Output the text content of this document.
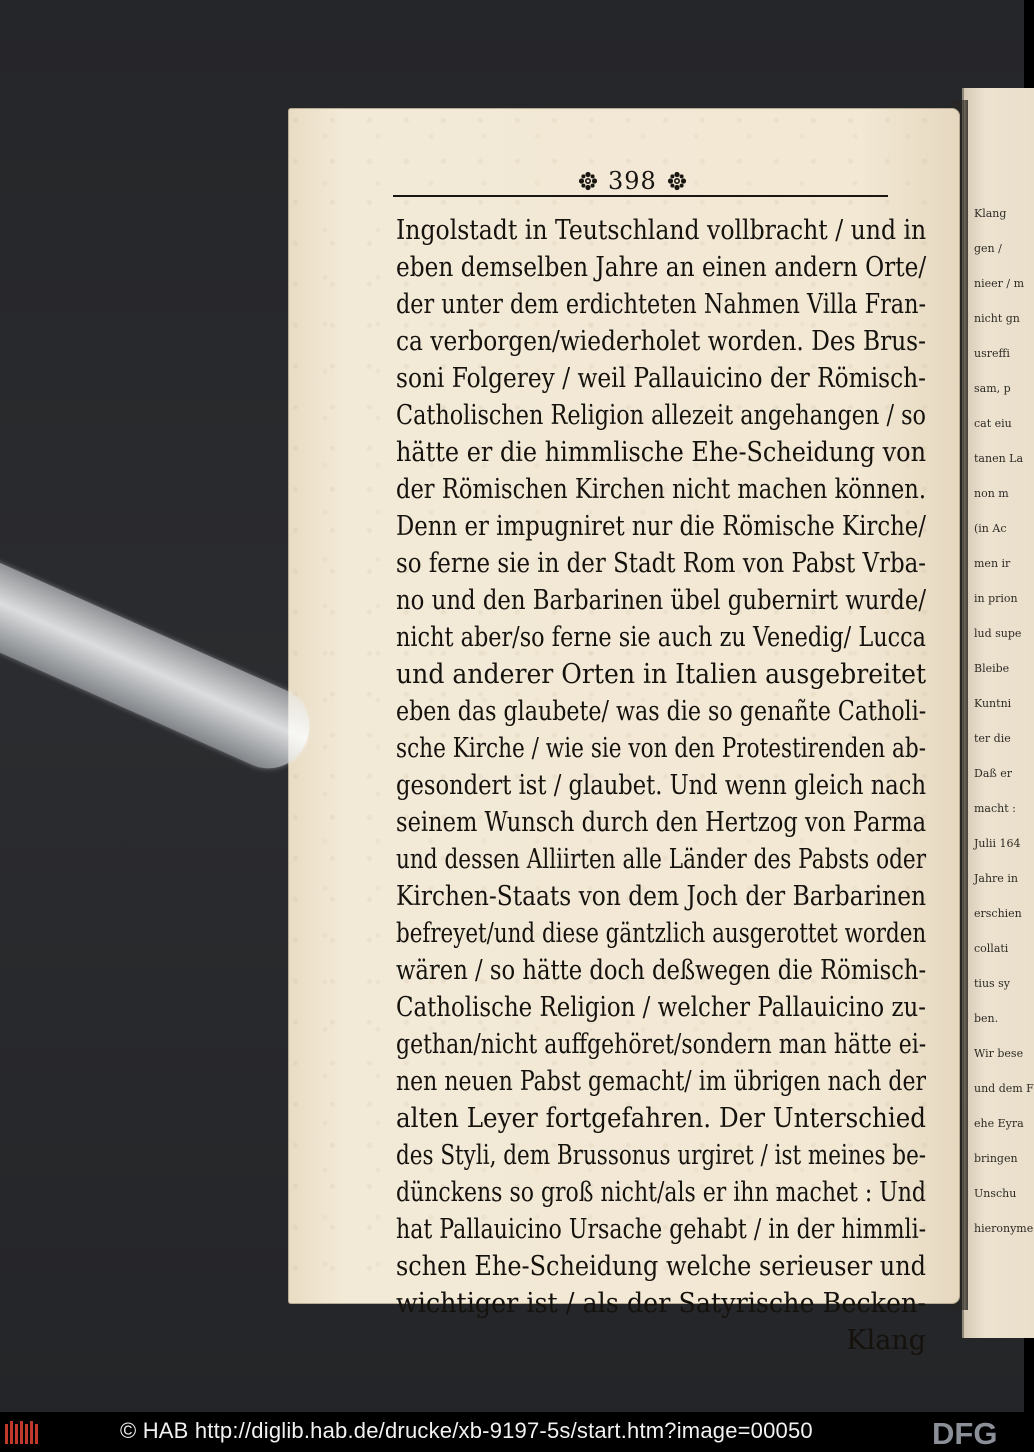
Klang
gen /
nieer / m
nicht gn
usreffi
sam, p
cat eiu
tanen La
non m
(in Ac
men ir
in prion
lud supe
Bleibe
Kuntni
ter die
Daß er
macht :
Julii 164
Jahre in
erschien
collati
tius sy
ben.
Wir bese
und dem F
ehe Eyra
bringen
Unschu
hieronyme
398
Ingolstadt in Teutschland vollbracht / und in
eben demselben Jahre an einen andern Orte/
der unter dem erdichteten Nahmen Villa Fran-
ca verborgen/wiederholet worden. Des Brus-
soni Folgerey / weil Pallauicino der Römisch-
Catholischen Religion allezeit angehangen / so
hätte er die himmlische Ehe-Scheidung von
der Römischen Kirchen nicht machen können.
Denn er impugniret nur die Römische Kirche/
so ferne sie in der Stadt Rom von Pabst Vrba-
no und den Barbarinen übel gubernirt wurde/
nicht aber/so ferne sie auch zu Venedig/ Lucca
und anderer Orten in Italien ausgebreitet
eben das glaubete/ was die so genañte Catholi-
sche Kirche / wie sie von den Protestirenden ab-
gesondert ist / glaubet. Und wenn gleich nach
seinem Wunsch durch den Hertzog von Parma
und dessen Alliirten alle Länder des Pabsts oder
Kirchen-Staats von dem Joch der Barbarinen
befreyet/und diese gäntzlich ausgerottet worden
wären / so hätte doch deßwegen die Römisch-
Catholische Religion / welcher Pallauicino zu-
gethan/nicht auffgehöret/sondern man hätte ei-
nen neuen Pabst gemacht/ im übrigen nach der
alten Leyer fortgefahren. Der Unterschied
des Styli, dem Brussonus urgiret / ist meines be-
dünckens so groß nicht/als er ihn machet : Und
hat Pallauicino Ursache gehabt / in der himmli-
schen Ehe-Scheidung welche serieuser und
wichtiger ist / als der Satyrische Becken-
Klang
© HAB http://diglib.hab.de/drucke/xb-9197-5s/start.htm?image=00050	DFG
